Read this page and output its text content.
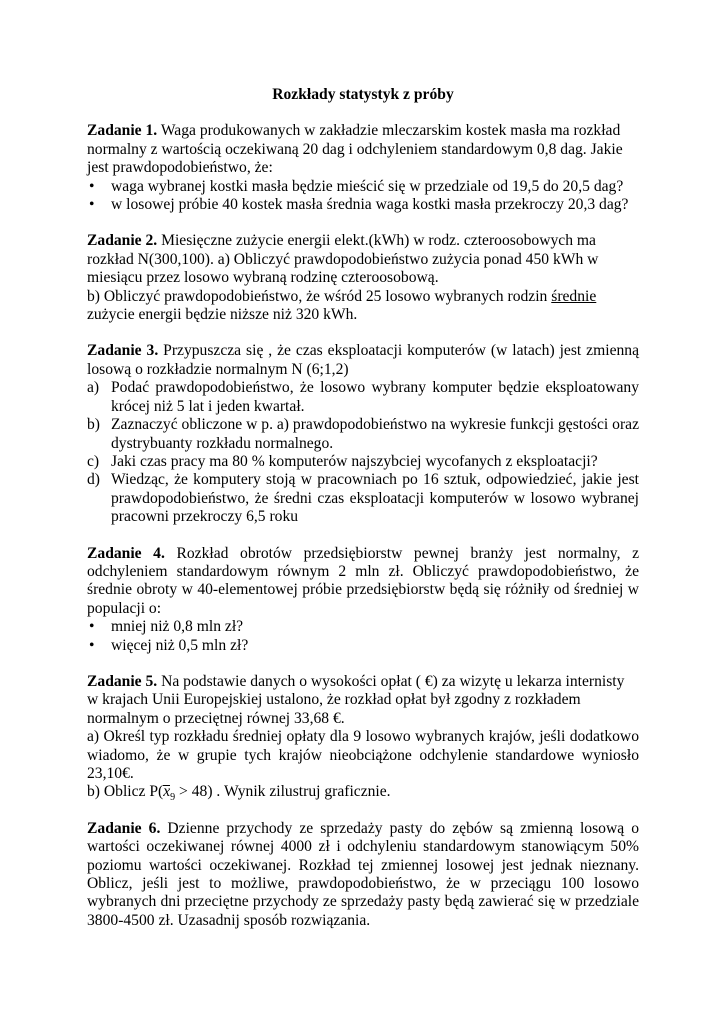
Rozkłady statystyk z próby

Zadanie 1. Waga produkowanych w zakładzie mleczarskim kostek masła ma rozkład normalny z wartością oczekiwaną 20 dag i odchyleniem standardowym 0,8 dag. Jakie jest prawdopodobieństwo, że:

• waga wybranej kostki masła będzie mieścić się w przedziale od 19,5 do 20,5 dag?
• w losowej próbie 40 kostek masła średnia waga kostki masła przekroczy 20,3 dag?

Zadanie 2. Miesięczne zużycie energii elekt.(kWh) w rodz. czteroosobowych ma rozkład N(300,100). a) Obliczyć prawdopodobieństwo zużycia ponad 450 kWh w miesiącu przez losowo wybraną rodzinę czteroosobową.

b) Obliczyć prawdopodobieństwo, że wśród 25 losowo wybranych rodzin średnie zużycie energii będzie niższe niż 320 kWh.

Zadanie 3. Przypuszcza się , że czas eksploatacji komputerów (w latach) jest zmienną losową o rozkładzie normalnym N (6;1,2)

a) Podać prawdopodobieństwo, że losowo wybrany komputer będzie eksploatowany krócej niż 5 lat i jeden kwartał.
b) Zaznaczyć obliczone w p. a) prawdopodobieństwo na wykresie funkcji gęstości oraz dystrybuanty rozkładu normalnego.
c) Jaki czas pracy ma 80 % komputerów najszybciej wycofanych z eksploatacji?
d) Wiedząc, że komputery stoją w pracowniach po 16 sztuk, odpowiedzieć, jakie jest prawdopodobieństwo, że średni czas eksploatacji komputerów w losowo wybranej pracowni przekroczy 6,5 roku

Zadanie 4. Rozkład obrotów przedsiębiorstw pewnej branży jest normalny, z odchyleniem standardowym równym 2 mln zł. Obliczyć prawdopodobieństwo, że średnie obroty w 40-elementowej próbie przedsiębiorstw będą się różniły od średniej w populacji o:

• mniej niż 0,8 mln zł?
• więcej niż 0,5 mln zł?

Zadanie 5. Na podstawie danych o wysokości opłat ( €) za wizytę u lekarza internisty w krajach Unii Europejskiej ustalono, że rozkład opłat był zgodny z rozkładem normalnym o przeciętnej równej 33,68 €.

a) Określ typ rozkładu średniej opłaty dla 9 losowo wybranych krajów, jeśli dodatkowo wiadomo, że w grupie tych krajów nieobciążone odchylenie standardowe wyniosło 23,10€.

b) Oblicz $P(x_9 > 48)$ . Wynik zilustruj graficznie.

Zadanie 6. Dzienne przychody ze sprzedaży pasty do zębów są zmienną losową o wartości oczekiwanej równej 4000 zł i odchyleniu standardowym stanowiącym 50% poziomu wartości oczekiwanej. Rozkład tej zmiennej losowej jest jednak nieznany. Oblicz, jeśli jest to możliwe, prawdopodobieństwo, że w przeciągu 100 losowo wybranych dni przeciętne przychody ze sprzedaży pasty będą zawierać się w przedziale 3800-4500 zł. Uzasadnij sposób rozwiązania.
